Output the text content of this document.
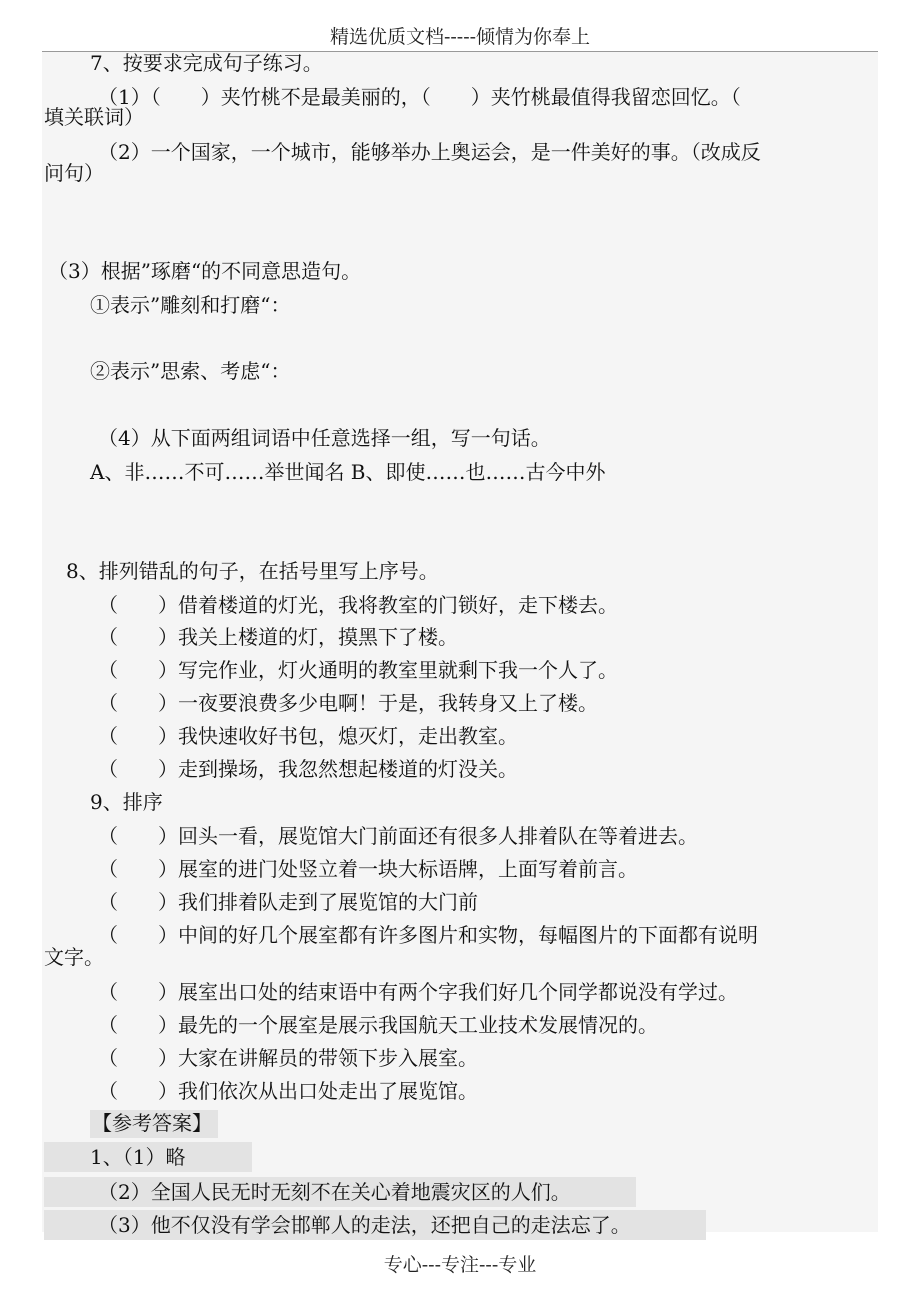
精选优质文档-----倾情为你奉上
7、按要求完成句子练习。
（1）（　　）夹竹桃不是最美丽的，（　　）夹竹桃最值得我留恋回忆。（
填关联词）
（2）一个国家，一个城市，能够举办上奥运会，是一件美好的事。（改成反
问句）
（3）根据”琢磨“的不同意思造句。
①表示”雕刻和打磨“：
②表示”思索、考虑“：
（4）从下面两组词语中任意选择一组，写一句话。
A、非……不可……举世闻名 B、即使……也……古今中外
8、排列错乱的句子，在括号里写上序号。
（　　）借着楼道的灯光，我将教室的门锁好，走下楼去。
（　　）我关上楼道的灯，摸黑下了楼。
（　　）写完作业，灯火通明的教室里就剩下我一个人了。
（　　）一夜要浪费多少电啊！于是，我转身又上了楼。
（　　）我快速收好书包，熄灭灯，走出教室。
（　　）走到操场，我忽然想起楼道的灯没关。
9、排序
（　　）回头一看，展览馆大门前面还有很多人排着队在等着进去。
（　　）展室的进门处竖立着一块大标语牌，上面写着前言。
（　　）我们排着队走到了展览馆的大门前
（　　）中间的好几个展室都有许多图片和实物，每幅图片的下面都有说明
文字。
（　　）展室出口处的结束语中有两个字我们好几个同学都说没有学过。
（　　）最先的一个展室是展示我国航天工业技术发展情况的。
（　　）大家在讲解员的带领下步入展室。
（　　）我们依次从出口处走出了展览馆。
【参考答案】
1、（1）略
（2）全国人民无时无刻不在关心着地震灾区的人们。
（3）他不仅没有学会邯郸人的走法，还把自己的走法忘了。
专心---专注---专业
